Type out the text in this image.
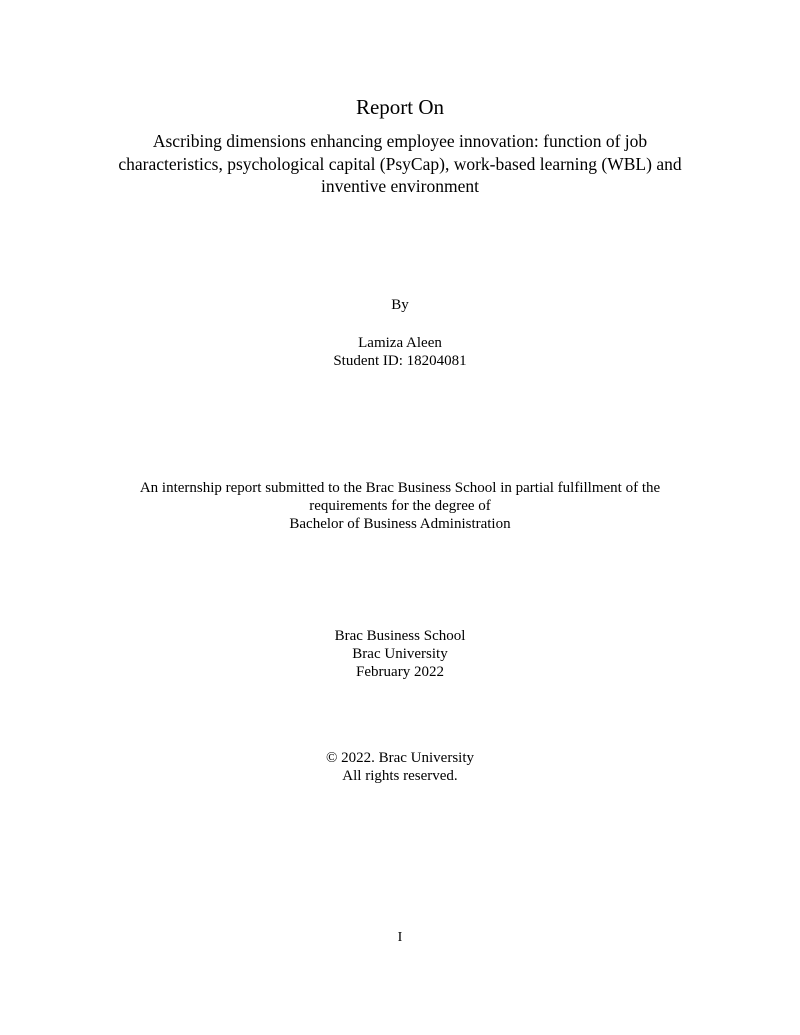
Report On
Ascribing dimensions enhancing employee innovation: function of job
characteristics, psychological capital (PsyCap), work-based learning (WBL) and
inventive environment
By
Lamiza Aleen
Student ID: 18204081
An internship report submitted to the Brac Business School in partial fulfillment of the
requirements for the degree of
Bachelor of Business Administration
Brac Business School
Brac University
February 2022
© 2022. Brac University
All rights reserved.
I
